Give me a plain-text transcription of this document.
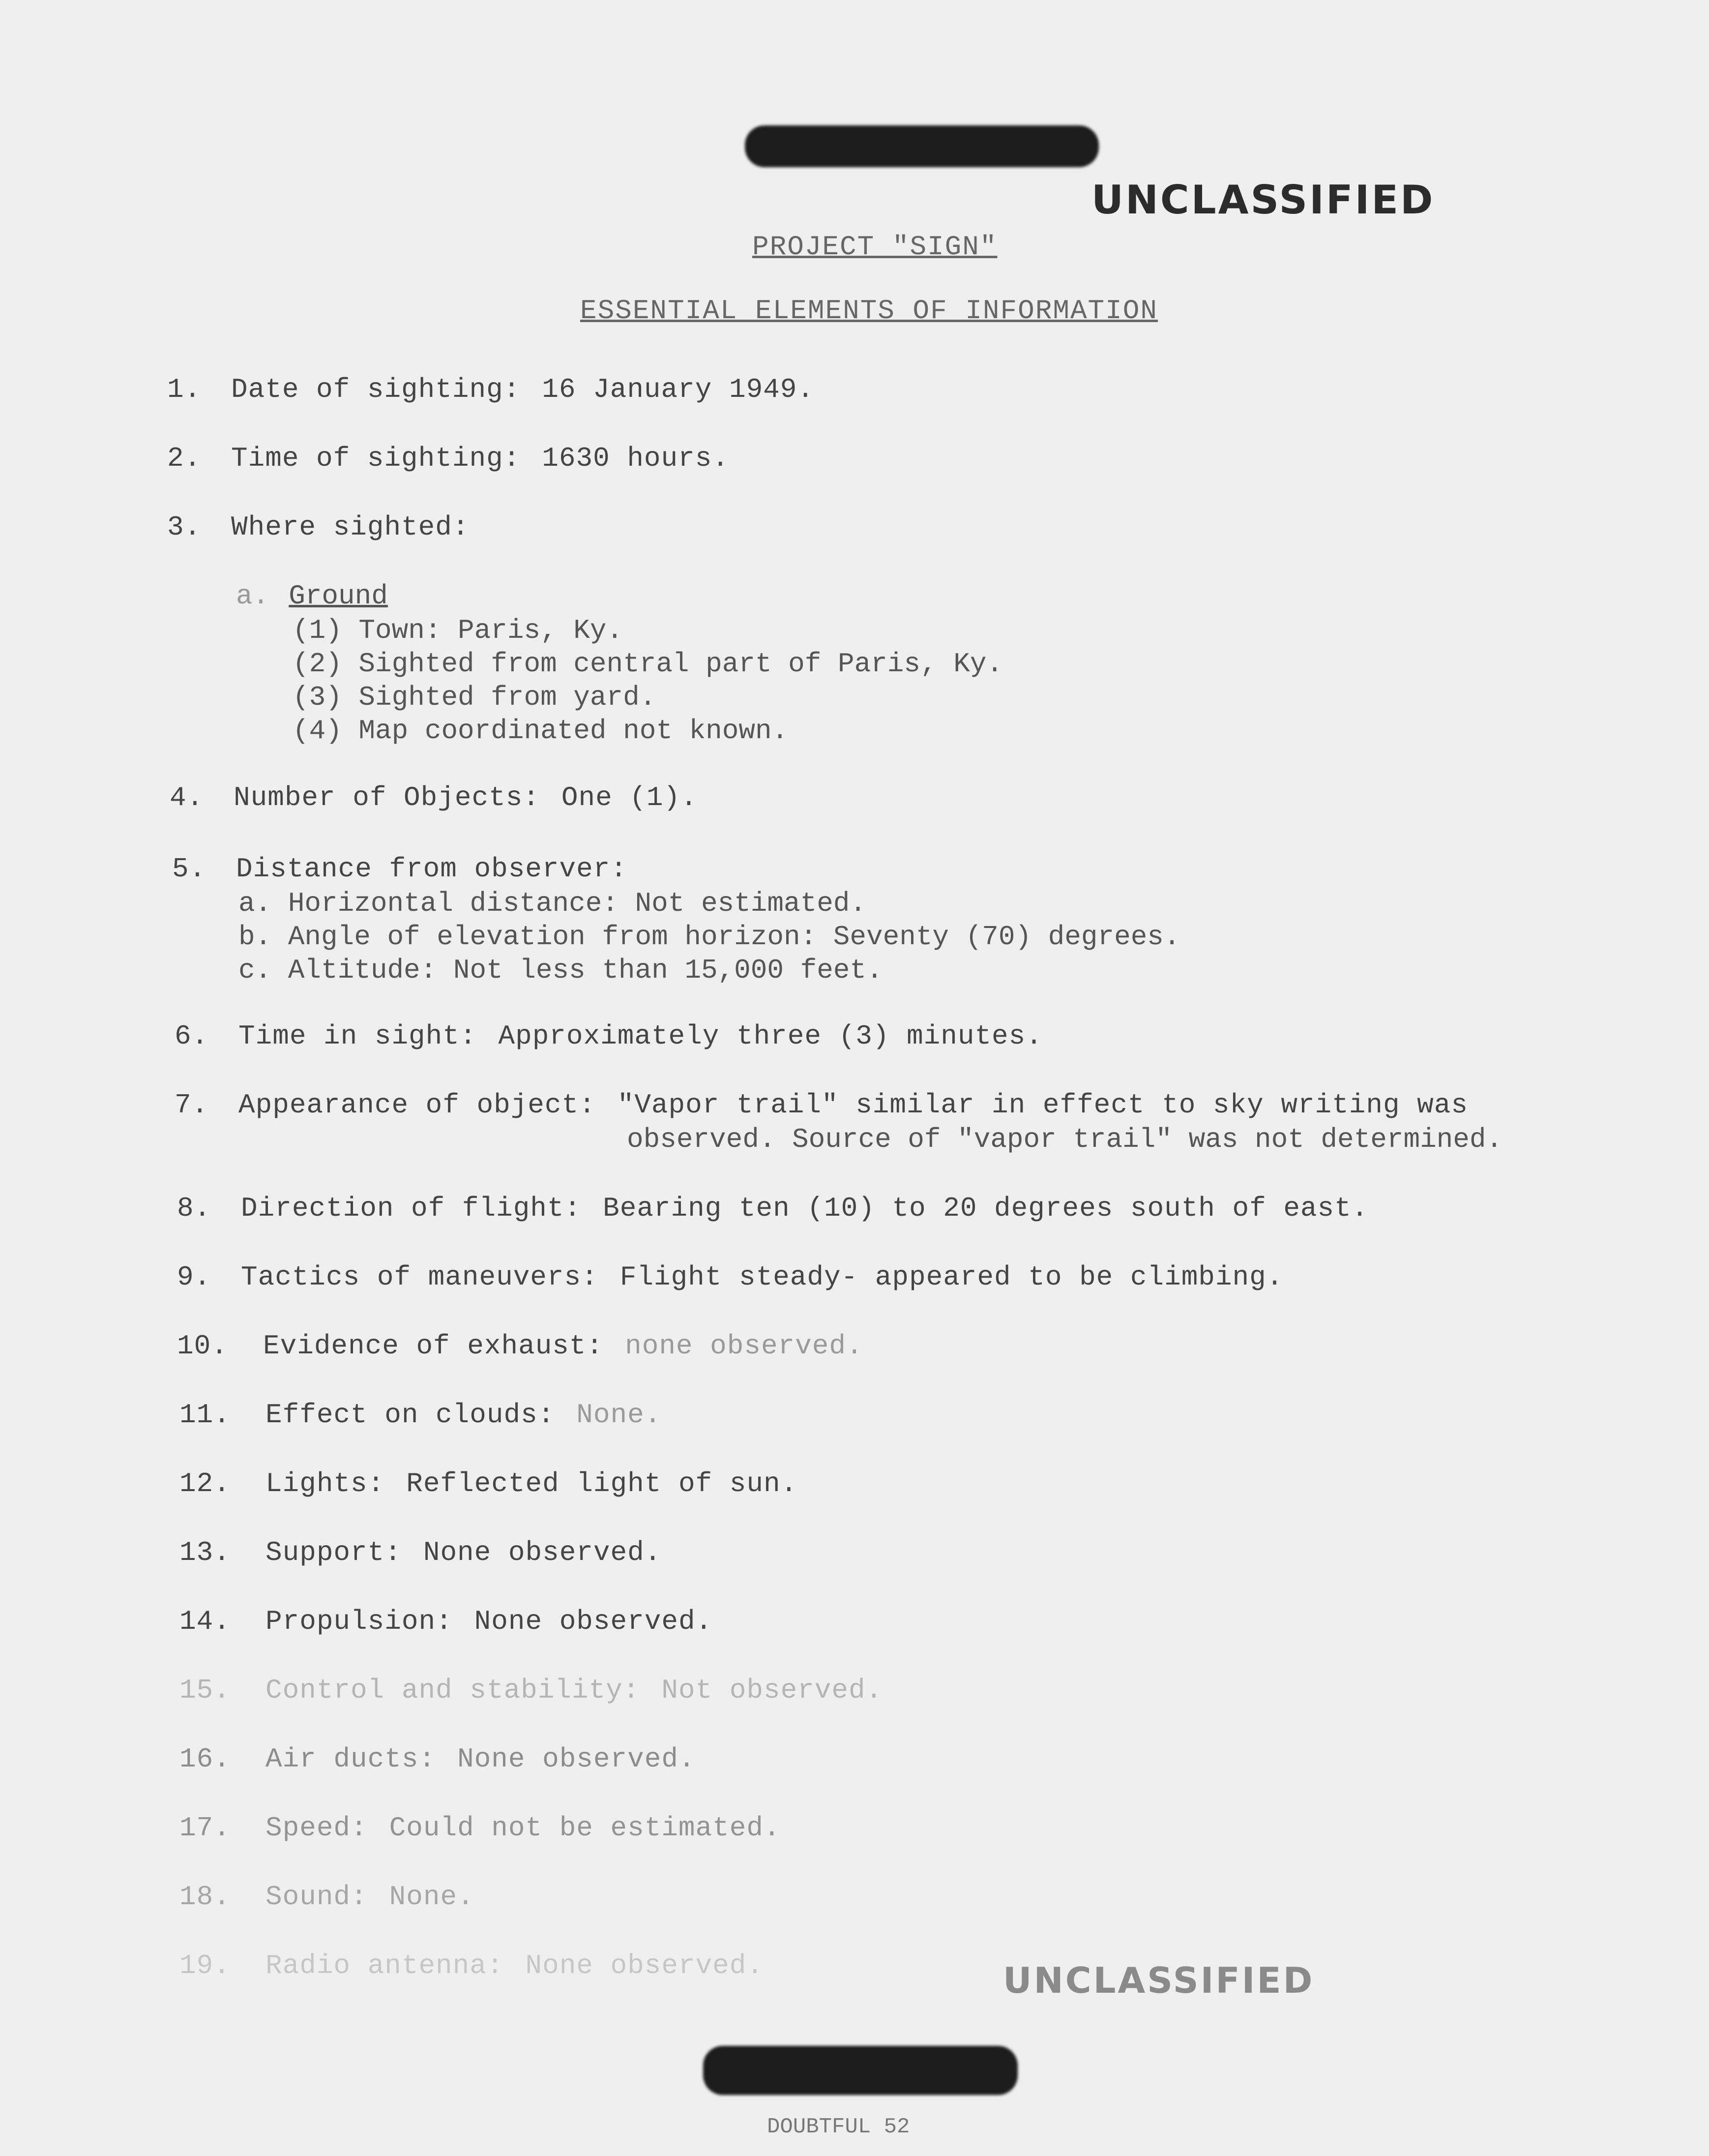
UNCLASSIFIED
UNCLASSIFIED
PROJECT "SIGN"
ESSENTIAL ELEMENTS OF INFORMATION
1. Date of sighting: 16 January 1949.
2. Time of sighting: 1630 hours.
3. Where sighted:
a. Ground
(1) Town: Paris, Ky.
(2) Sighted from central part of Paris, Ky.
(3) Sighted from yard.
(4) Map coordinated not known.
4. Number of Objects: One (1).
5. Distance from observer:
a. Horizontal distance: Not estimated.
b. Angle of elevation from horizon: Seventy (70) degrees.
c. Altitude: Not less than 15,000 feet.
6. Time in sight: Approximately three (3) minutes.
7. Appearance of object: "Vapor trail" similar in effect to sky writing was
observed. Source of "vapor trail" was not determined.
8. Direction of flight: Bearing ten (10) to 20 degrees south of east.
9. Tactics of maneuvers: Flight steady- appeared to be climbing.
10. Evidence of exhaust: none observed.
11. Effect on clouds: None.
12. Lights: Reflected light of sun.
13. Support: None observed.
14. Propulsion: None observed.
15. Control and stability: Not observed.
16. Air ducts: None observed.
17. Speed: Could not be estimated.
18. Sound: None.
19. Radio antenna: None observed.
DOUBTFUL 52
